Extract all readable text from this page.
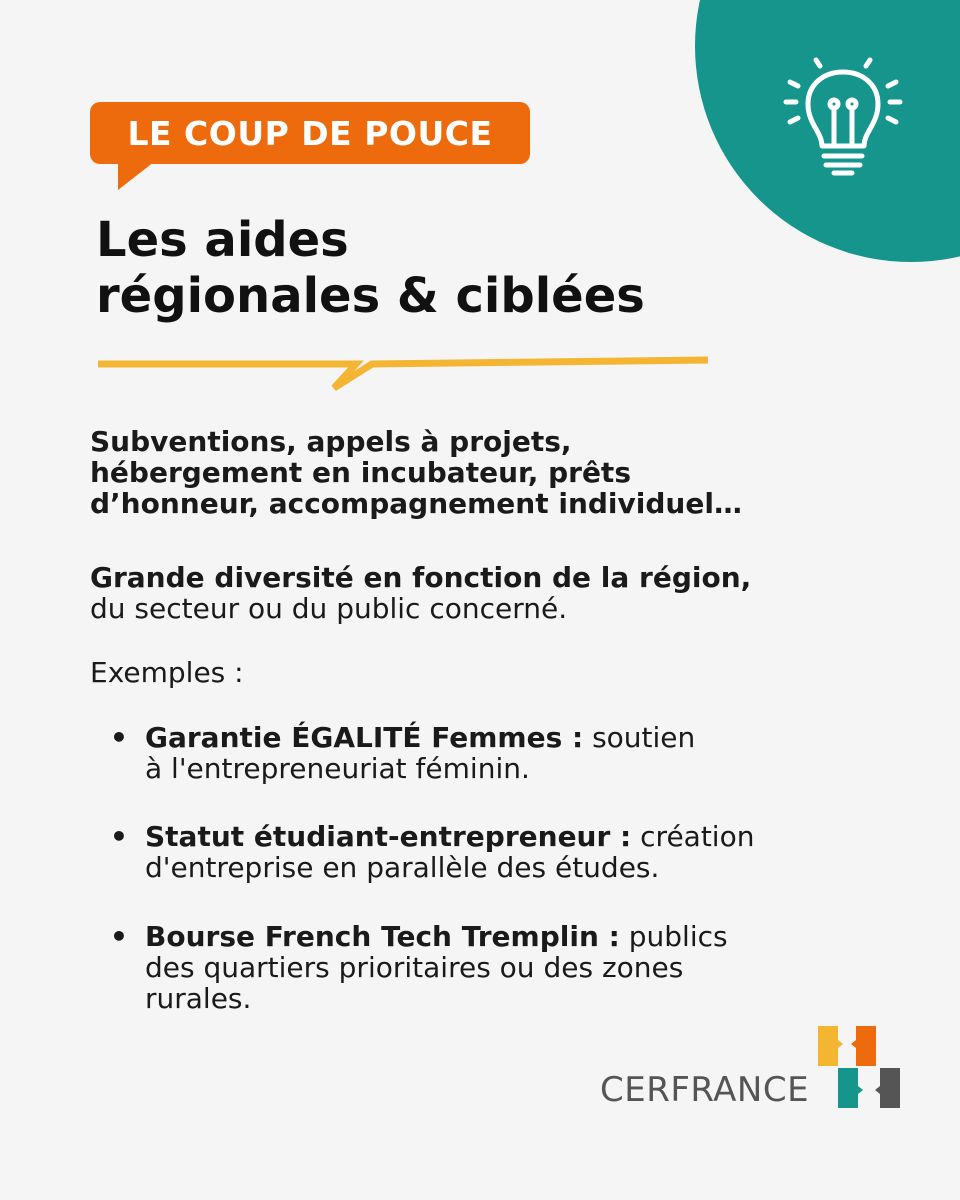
LE COUP DE POUCE
Les aides
régionales & ciblées

Subventions, appels à projets,
hébergement en incubateur, prêts
d’honneur, accompagnement individuel…

Grande diversité en fonction de la région,
du secteur ou du public concerné.

Exemples :

• Garantie ÉGALITÉ Femmes : soutien
à l'entrepreneuriat féminin.
• Statut étudiant-entrepreneur : création
d'entreprise en parallèle des études.
• Bourse French Tech Tremplin : publics
des quartiers prioritaires ou des zones
rurales.
CERFRANCE
